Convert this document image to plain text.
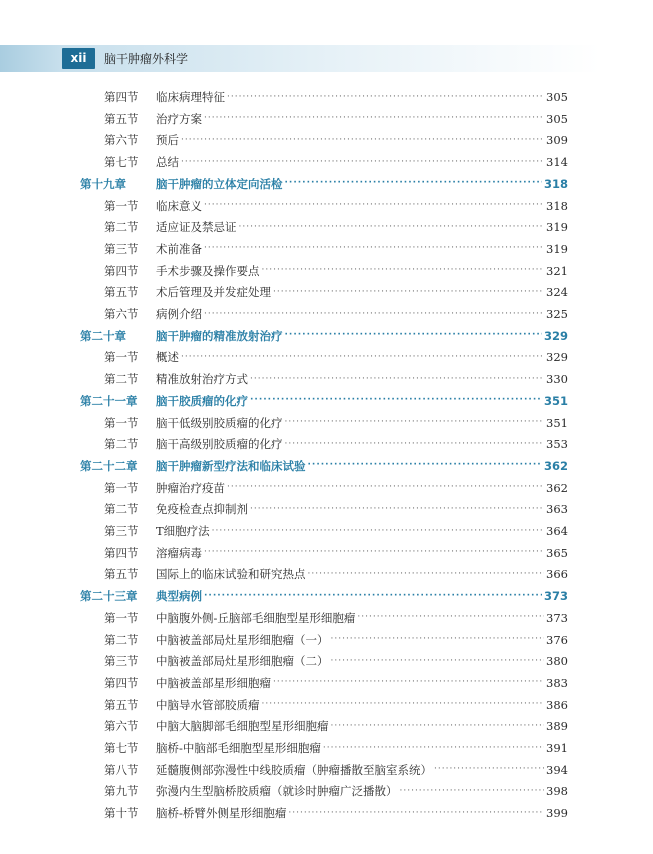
xii	脑干肿瘤外科学
第四节	临床病理特征 ·····	305
第五节	治疗方案 ·····	305
第六节	预后 ·····	309
第七节	总结 ·····	314
第十九章	脑干肿瘤的立体定向活检 ·····	318
第一节	临床意义 ·····	318
第二节	适应证及禁忌证 ·····	319
第三节	术前准备 ·····	319
第四节	手术步骤及操作要点 ·····	321
第五节	术后管理及并发症处理 ·····	324
第六节	病例介绍 ·····	325
第二十章	脑干肿瘤的精准放射治疗 ·····	329
第一节	概述 ·····	329
第二节	精准放射治疗方式 ·····	330
第二十一章	脑干胶质瘤的化疗 ·····	351
第一节	脑干低级别胶质瘤的化疗 ·····	351
第二节	脑干高级别胶质瘤的化疗 ·····	353
第二十二章	脑干肿瘤新型疗法和临床试验 ·····	362
第一节	肿瘤治疗疫苗 ·····	362
第二节	免疫检查点抑制剂 ·····	363
第三节	T细胞疗法 ·····	364
第四节	溶瘤病毒 ·····	365
第五节	国际上的临床试验和研究热点 ·····	366
第二十三章	典型病例 ·····	373
第一节	中脑腹外侧-丘脑部毛细胞型星形细胞瘤 ·····	373
第二节	中脑被盖部局灶星形细胞瘤（一） ·····	376
第三节	中脑被盖部局灶星形细胞瘤（二） ·····	380
第四节	中脑被盖部星形细胞瘤 ·····	383
第五节	中脑导水管部胶质瘤 ·····	386
第六节	中脑大脑脚部毛细胞型星形细胞瘤 ·····	389
第七节	脑桥-中脑部毛细胞型星形细胞瘤 ·····	391
第八节	延髓腹侧部弥漫性中线胶质瘤（肿瘤播散至脑室系统） ·····	394
第九节	弥漫内生型脑桥胶质瘤（就诊时肿瘤广泛播散） ·····	398
第十节	脑桥-桥臂外侧星形细胞瘤 ·····	399
